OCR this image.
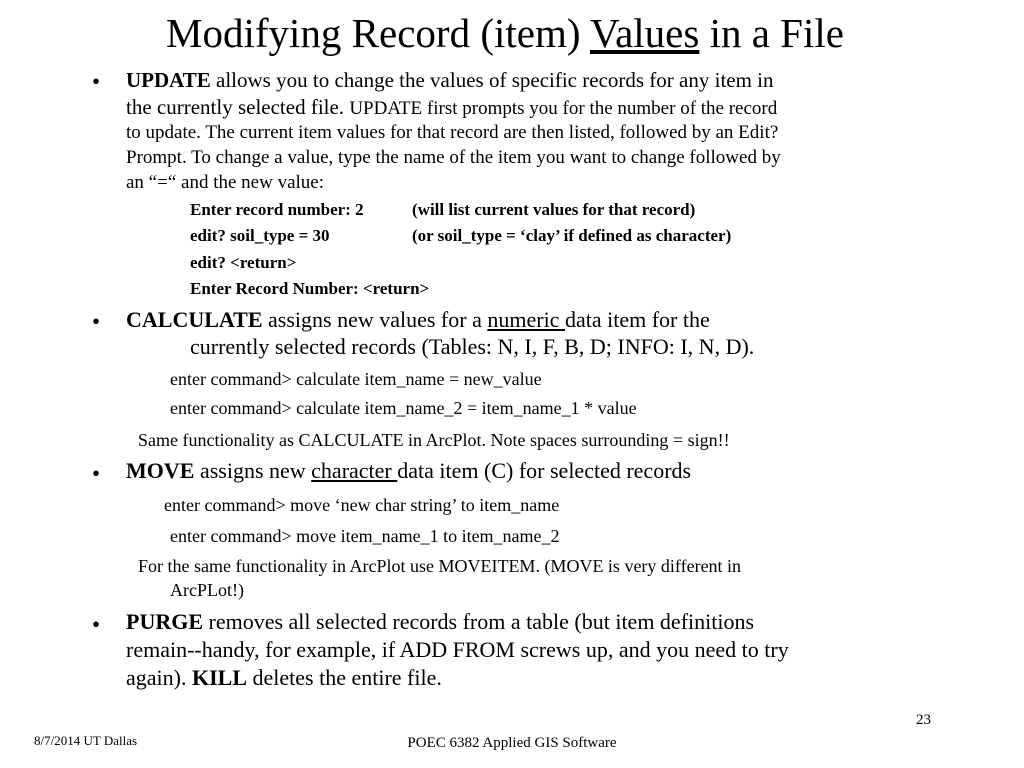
Modifying Record (item) Values in a File
• UPDATE allows you to change the values of specific records for any item in
the currently selected file. UPDATE first prompts you for the number of the record
to update. The current item values for that record are then listed, followed by an Edit?
Prompt. To change a value, type the name of the item you want to change followed by
an “=“ and the new value:
Enter record number: 2	(will list current values for that record)
edit? soil_type = 30	(or soil_type = ‘clay’ if defined as character)
edit? <return>
Enter Record Number: <return>
• CALCULATE assigns new values for a numeric data item for the
currently selected records (Tables: N, I, F, B, D; INFO: I, N, D).
enter command> calculate item_name = new_value
enter command> calculate item_name_2 = item_name_1 * value
Same functionality as CALCULATE in ArcPlot. Note spaces surrounding = sign!!
• MOVE assigns new character data item (C) for selected records
enter command> move ‘new char string’ to item_name
enter command> move item_name_1 to item_name_2
For the same functionality in ArcPlot use MOVEITEM. (MOVE is very different in
ArcPLot!)
• PURGE removes all selected records from a table (but item definitions
remain--handy, for example, if ADD FROM screws up, and you need to try
again). KILL deletes the entire file.
8/7/2014 UT Dallas	POEC 6382 Applied GIS Software
23
